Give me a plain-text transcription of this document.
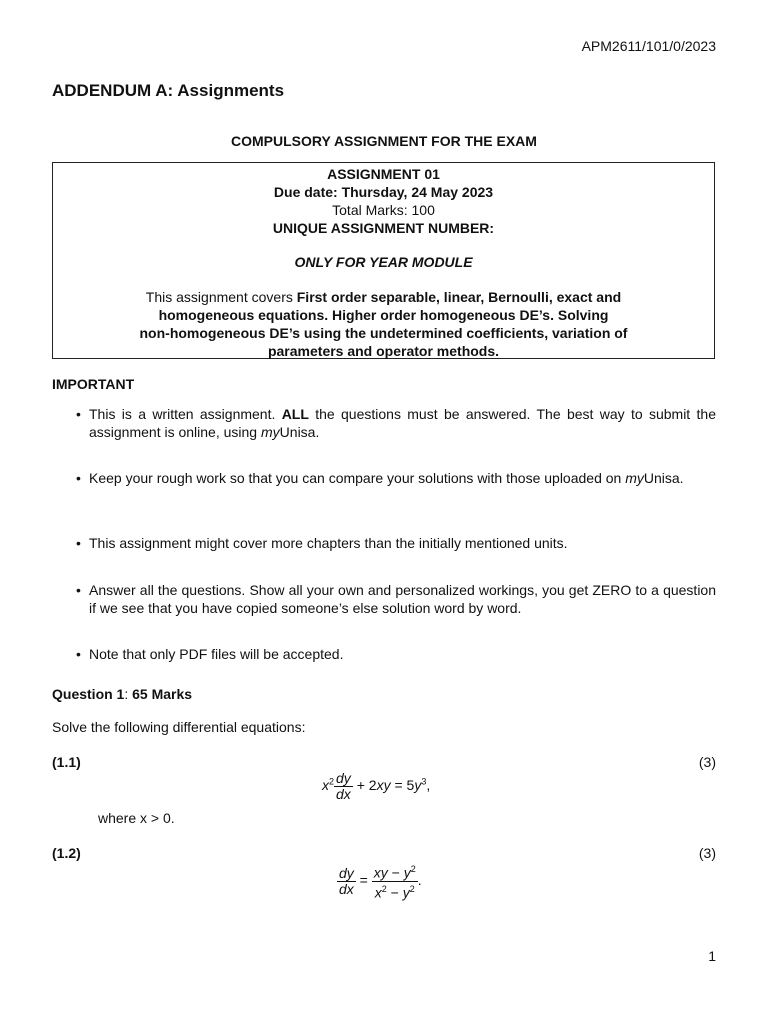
APM2611/101/0/2023
ADDENDUM A: Assignments
COMPULSORY ASSIGNMENT FOR THE EXAM
ASSIGNMENT 01
Due date: Thursday, 24 May 2023
Total Marks: 100
UNIQUE ASSIGNMENT NUMBER:
ONLY FOR YEAR MODULE
This assignment covers First order separable, linear, Bernoulli, exact and
homogeneous equations. Higher order homogeneous DE’s. Solving
non-homogeneous DE’s using the undetermined coefficients, variation of
parameters and operator methods.
IMPORTANT
• This is a written assignment. ALL the questions must be answered. The best way to submit the assignment is online, using myUnisa.
• Keep your rough work so that you can compare your solutions with those uploaded on myUnisa.
• This assignment might cover more chapters than the initially mentioned units.
• Answer all the questions. Show all your own and personalized workings, you get ZERO to a question if we see that you have copied someone’s else solution word by word.
• Note that only PDF files will be accepted.
Question 1: 65 Marks
Solve the following differential equations:
(1.1)	(3)
$x^2 \frac{dy}{dx} + 2xy = 5y^3$,
where x > 0.
(1.2)	(3)
$\frac{dy}{dx} = \frac{xy - y^2}{x^2 - y^2}$ .
1
